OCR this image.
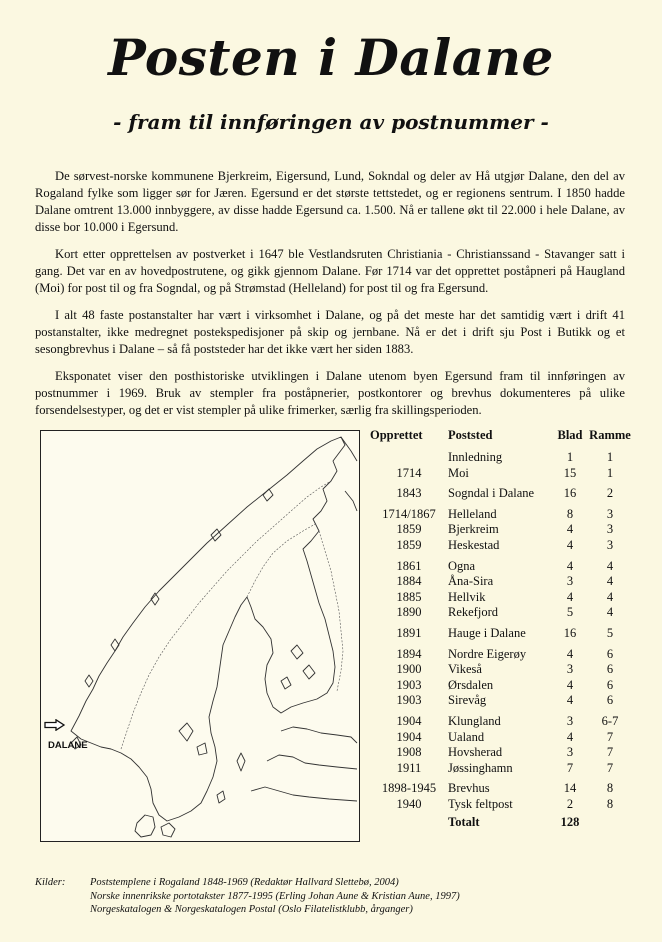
Posten i Dalane
- fram til innføringen av postnummer -

De sørvest-norske kommunene Bjerkreim, Eigersund, Lund, Sokndal og deler av Hå utgjør Dalane, den del av Rogaland fylke som ligger sør for Jæren. Egersund er det største tettstedet, og er regionens sentrum. I 1850 hadde Dalane omtrent 13.000 innbyggere, av disse hadde Egersund ca. 1.500. Nå er tallene økt til 22.000 i hele Dalane, av disse bor 10.000 i Egersund.

Kort etter opprettelsen av postverket i 1647 ble Vestlandsruten Christiania - Christianssand - Stavanger satt i gang. Det var en av hovedpostrutene, og gikk gjennom Dalane. Før 1714 var det opprettet poståpneri på Haugland (Moi) for post til og fra Sogndal, og på Strømstad (Helleland) for post til og fra Egersund.

I alt 48 faste postanstalter har vært i virksomhet i Dalane, og på det meste har det samtidig vært i drift 41 postanstalter, ikke medregnet postekspedisjoner på skip og jernbane. Nå er det i drift sju Post i Butikk og et sesongbrevhus i Dalane – så få poststeder har det ikke vært her siden 1883.

Eksponatet viser den posthistoriske utviklingen i Dalane utenom byen Egersund fram til innføringen av postnummer i 1969. Bruk av stempler fra poståpnerier, postkontorer og brevhus dokumenteres på ulike forsendelsestyper, og det er vist stempler på ulike frimerker, særlig fra skillingsperioden.

DALANE
Opprettet	Poststed	Blad	Ramme
	Innledning	1	1
1714	Moi	15	1
1843	Sogndal i Dalane	16	2
1714/1867	Helleland	8	3
1859	Bjerkreim	4	3
1859	Heskestad	4	3
1861	Ogna	4	4
1884	Åna-Sira	3	4
1885	Hellvik	4	4
1890	Rekefjord	5	4
1891	Hauge i Dalane	16	5
1894	Nordre Eigerøy	4	6
1900	Vikeså	3	6
1903	Ørsdalen	4	6
1903	Sirevåg	4	6
1904	Klungland	3	6-7
1904	Ualand	4	7
1908	Hovsherad	3	7
1911	Jøssinghamn	7	7
1898-1945	Brevhus	14	8
1940	Tysk feltpost	2	8
	Totalt	128	
Kilder:	Poststemplene i Rogaland 1848-1969 (Redaktør Hallvard Slettebø, 2004)
Norske innenrikske portotakster 1877-1995 (Erling Johan Aune & Kristian Aune, 1997)
Norgeskatalogen & Norgeskatalogen Postal (Oslo Filatelistklubb, årganger)
